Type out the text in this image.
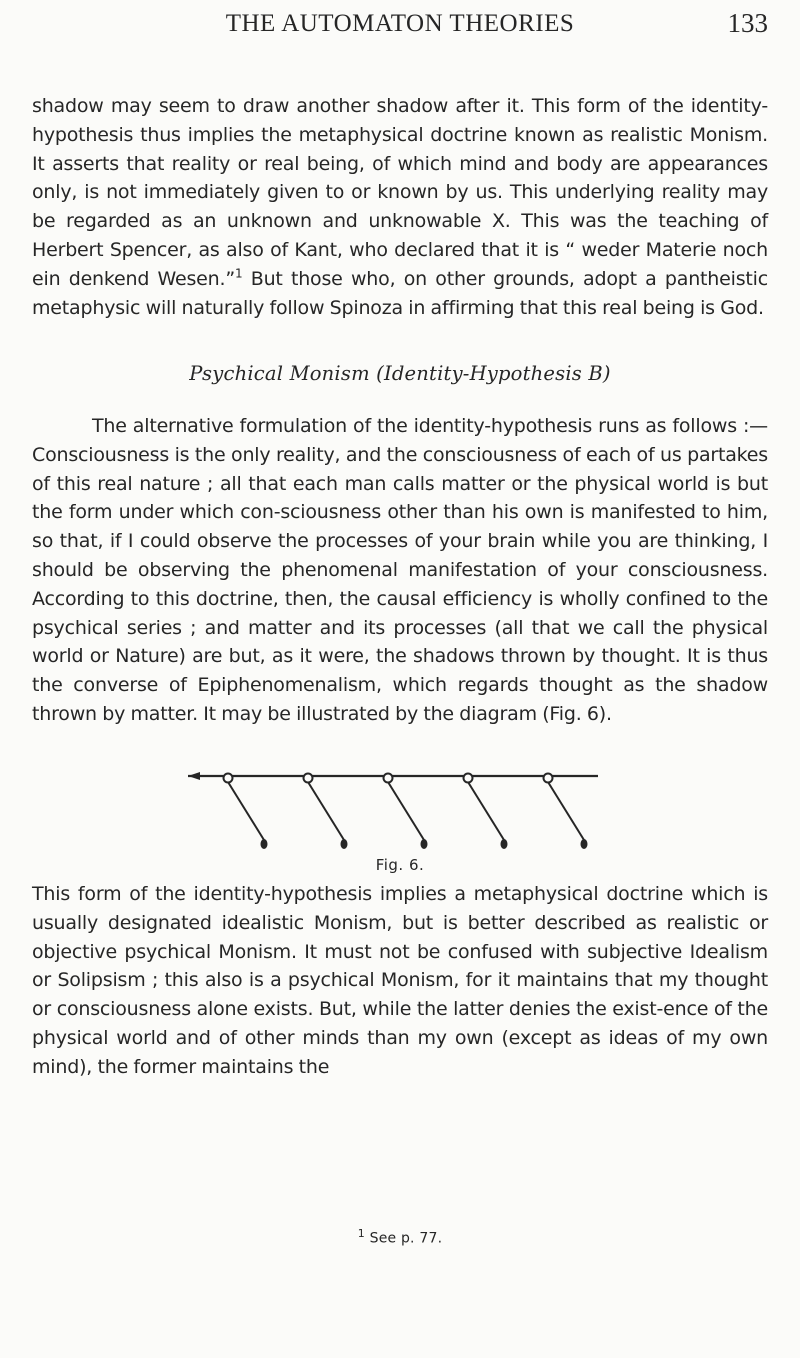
THE AUTOMATON THEORIES	133

shadow may seem to draw another shadow after it. This form of the identity-hypothesis thus implies the metaphysical doctrine known as realistic Monism. It asserts that reality or real being, of which mind and body are appearances only, is not immediately given to or known by us. This underlying reality may be regarded as an unknown and unknowable X. This was the teaching of Herbert Spencer, as also of Kant, who declared that it is “ weder Materie noch ein denkend Wesen.”$^1$ But those who, on other grounds, adopt a pantheistic metaphysic will naturally follow Spinoza in affirming that this real being is God.

Psychical Monism (Identity-Hypothesis B)

The alternative formulation of the identity-hypothesis runs as follows :—Consciousness is the only reality, and the consciousness of each of us partakes of this real nature ; all that each man calls matter or the physical world is but the form under which con-sciousness other than his own is manifested to him, so that, if I could observe the processes of your brain while you are thinking, I should be observing the phenomenal manifestation of your consciousness. According to this doctrine, then, the causal efficiency is wholly confined to the psychical series ; and matter and its processes (all that we call the physical world or Nature) are but, as it were, the shadows thrown by thought. It is thus the converse of Epiphenomenalism, which regards thought as the shadow thrown by matter. It may be illustrated by the diagram (Fig. 6).

Fig. 6.

This form of the identity-hypothesis implies a metaphysical doctrine which is usually designated idealistic Monism, but is better described as realistic or objective psychical Monism. It must not be confused with subjective Idealism or Solipsism ; this also is a psychical Monism, for it maintains that my thought or consciousness alone exists. But, while the latter denies the exist-ence of the physical world and of other minds than my own (except as ideas of my own mind), the former maintains the

$^1$ See p. 77.
